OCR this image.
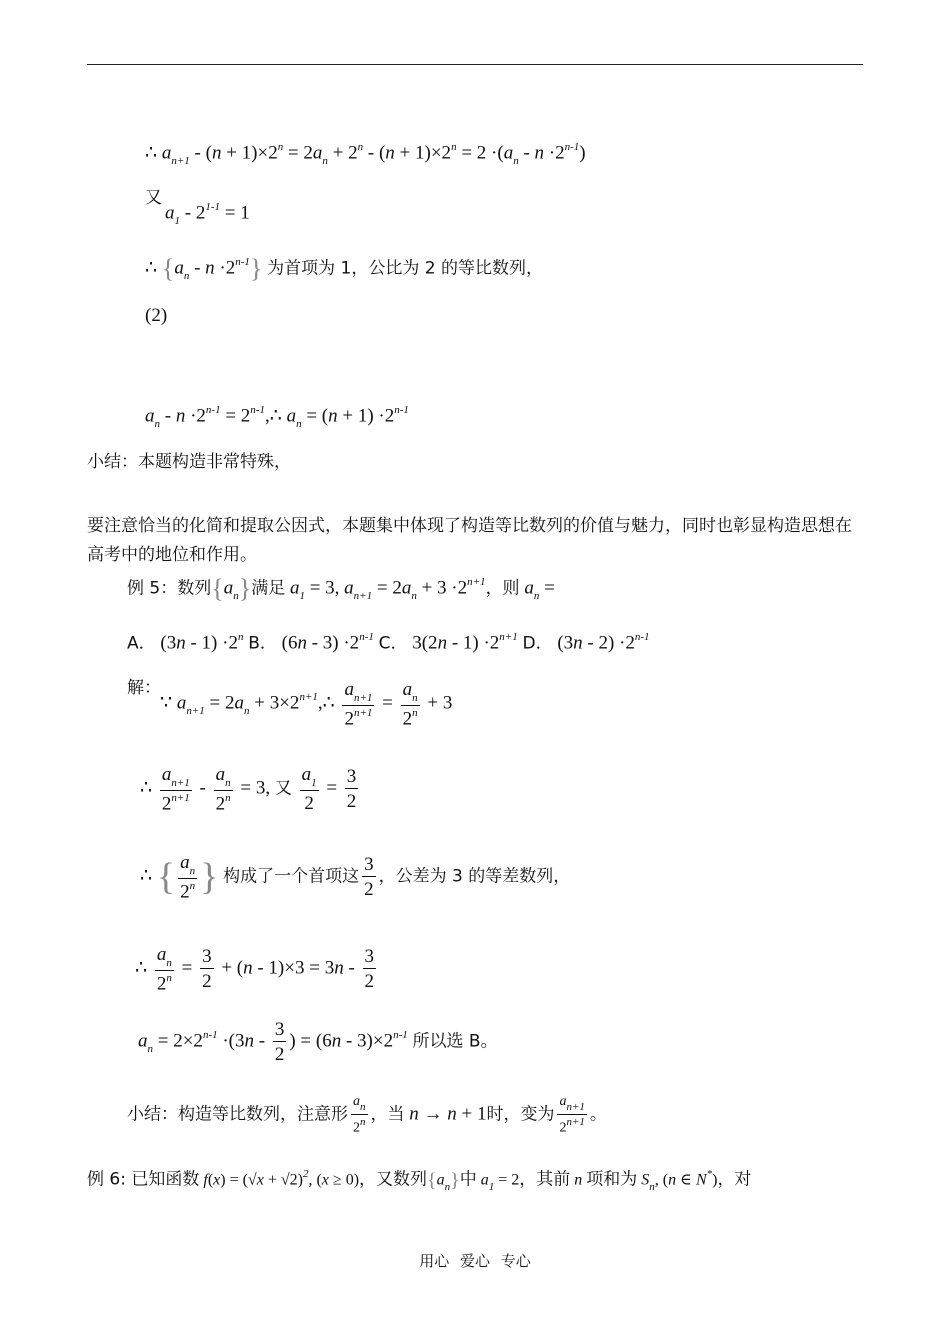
∴ $a_{n+1} - (n + 1)\times 2^n = 2a_n + 2^n - (n + 1)\times 2^n = 2 \cdot(a_n - n \cdot 2^{n-1})$
又
$a_1 - 2^{1-1} = 1$
∴ $\{a_n - n \cdot 2^{n-1}\}$ 为首项为 1，公比为 2 的等比数列，
(2)
$a_n - n \cdot 2^{n-1}$ = $2^{n-1},\therefore$ $a_n = (n + 1) \cdot 2^{n-1}$
小结：本题构造非常特殊，
要注意恰当的化简和提取公因式，本题集中体现了构造等比数列的价值与魅力，同时也彰显构造思想在高考中的地位和作用。
例 5：数列$\{a_n\}$满足 $a_1 = 3$, $a_{n+1} = 2a_n + 3 \cdot 2^{n+1}$，则 $a_n$ =
A． $(3n - 1) \cdot 2^n$ B． $(6n - 3) \cdot 2^{n-1}$ C． $3(2n - 1) \cdot 2^{n+1}$ D． $(3n - 2) \cdot 2^{n-1}$
解：
∵ $a_{n+1} = 2a_n$ + $3\times 2^{n+1},\therefore \frac{a_{n+1}}{2^{n+1}} = \frac{a_n}{2^n} + 3$
∴ $\frac{a_{n+1}}{2^{n+1}} - \frac{a_n}{2^n} = 3$, 又 $\frac{a_1}{2} = \frac{3}{2}$
∴ { $\frac{a_n}{2^n}$ } 构成了一个首项这 $\frac{3}{2}$ ，公差为 3 的等差数列，
∴ $\frac{a_n}{2^n} = \frac{3}{2} + (n - 1)\times 3 = 3n - \frac{3}{2}$
$a_n = 2\times 2^{n-1} \cdot(3n - \frac{3}{2}$ ) = $(6n - 3)\times 2^{n-1}$ 所以选 B。
小结：构造等比数列，注意形 $\frac{a_n}{2^n}$ ，当 n → n + 1时，变为 $\frac{a_{n+1}}{2^{n+1}}$ 。
例 6: 已知函数 $f(x) = (√x + √2)^2$, (x ≥ 0)，又数列$\{a_n\}$中 $a_1 = 2$，其前 n 项和为 $S_n$, (n ∈ N*)，对
用心 爱心 专心
